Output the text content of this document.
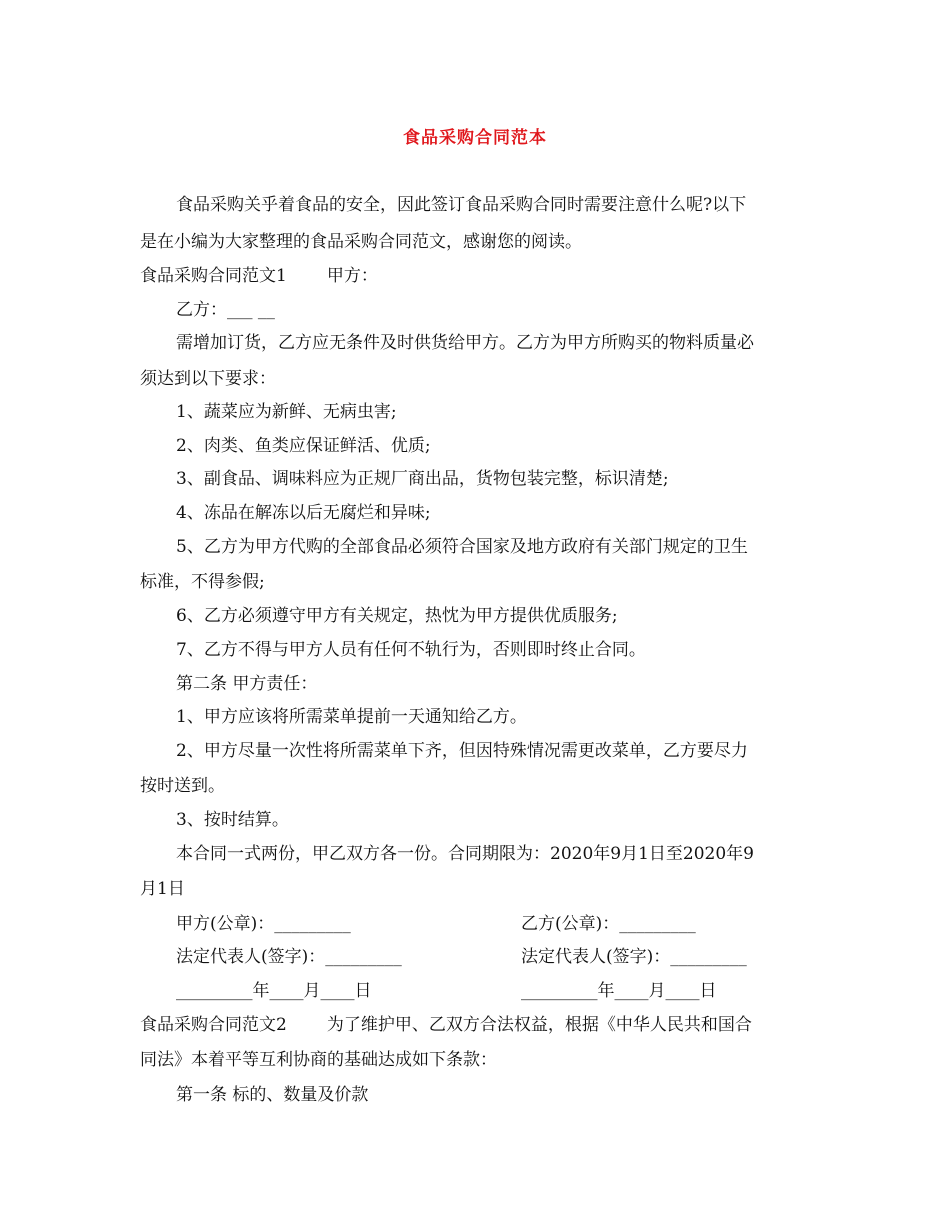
食品采购合同范本
食品采购关乎着食品的安全，因此签订食品采购合同时需要注意什么呢?以下
是在小编为大家整理的食品采购合同范文，感谢您的阅读。
食品采购合同范文1 甲方：
乙方：___ __
需增加订货，乙方应无条件及时供货给甲方。乙方为甲方所购买的物料质量必
须达到以下要求：
1、蔬菜应为新鲜、无病虫害;
2、肉类、鱼类应保证鲜活、优质;
3、副食品、调味料应为正规厂商出品，货物包装完整，标识清楚;
4、冻品在解冻以后无腐烂和异味;
5、乙方为甲方代购的全部食品必须符合国家及地方政府有关部门规定的卫生
标准，不得参假;
6、乙方必须遵守甲方有关规定，热忱为甲方提供优质服务;
7、乙方不得与甲方人员有任何不轨行为，否则即时终止合同。
第二条 甲方责任：
1、甲方应该将所需菜单提前一天通知给乙方。
2、甲方尽量一次性将所需菜单下齐，但因特殊情况需更改菜单，乙方要尽力
按时送到。
3、按时结算。
本合同一式两份，甲乙双方各一份。合同期限为：2020年9月1日至2020年9
月1日
甲方(公章)：_________	乙方(公章)：_________
法定代表人(签字)：_________	法定代表人(签字)：_________
_________年____月____日	_________年____月____日
食品采购合同范文2 为了维护甲、乙双方合法权益，根据《中华人民共和国合
同法》本着平等互利协商的基础达成如下条款：
第一条 标的、数量及价款
